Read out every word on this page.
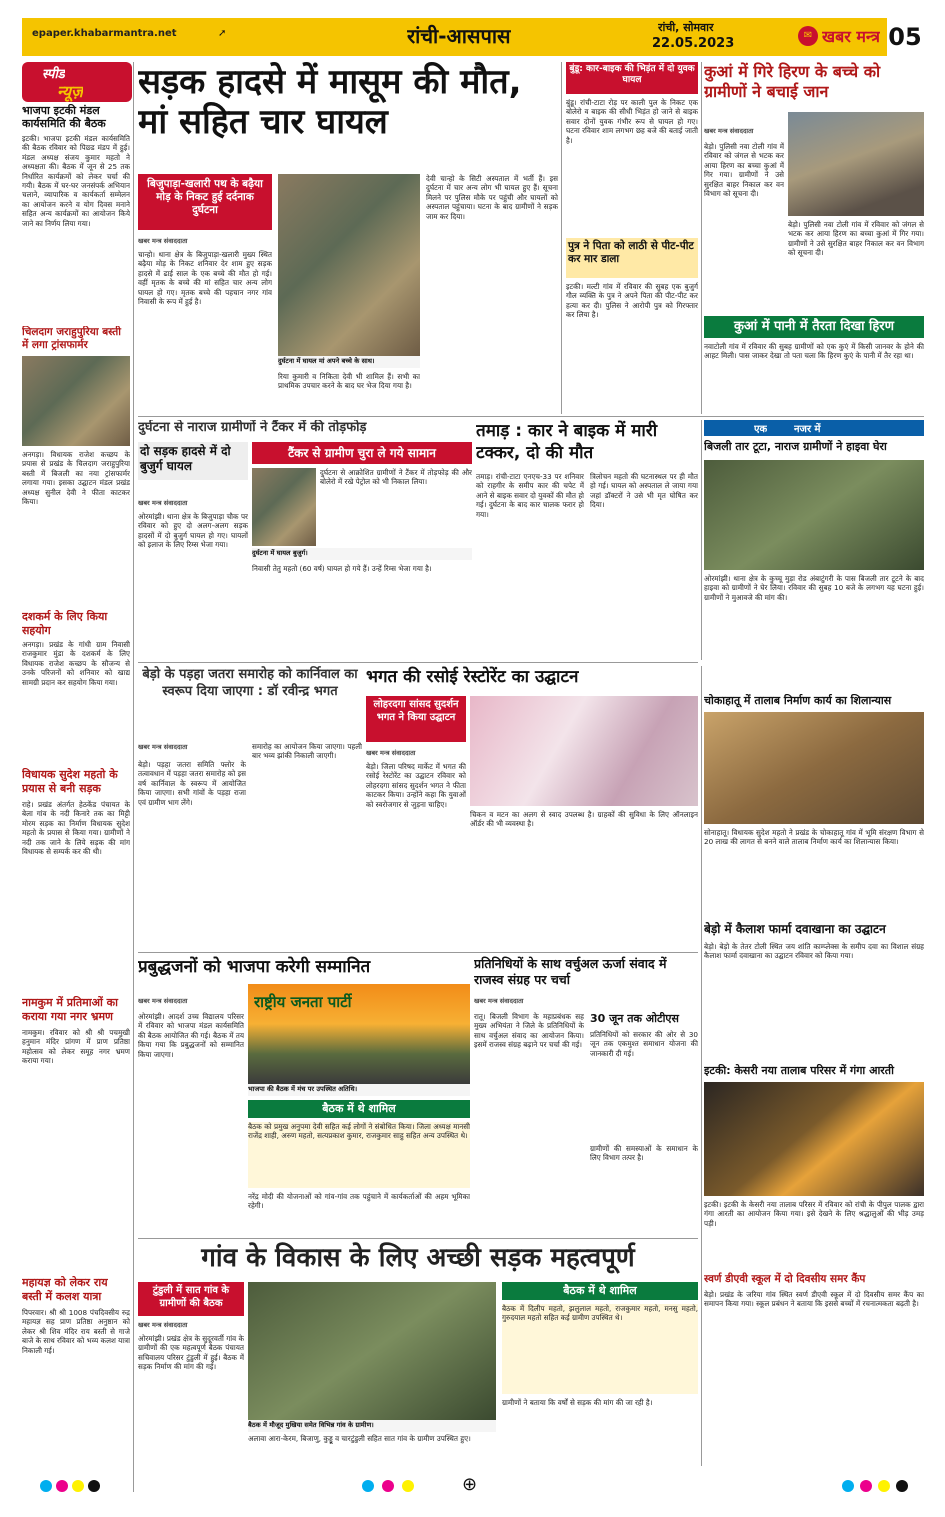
epaper.khabarmantra.net	➚	रांची-आसपास	रांची, सोमवार
22.05.2023
✉ खबर मन्त्र 05
स्पीड
न्यूज़
भाजपा इटकी मंडल कार्यसमिति की बैठक
इटकी। भाजपा इटकी मंडल कार्यसमिति की बैठक रविवार को पिछ्ड मंडप में हुई। मंडल अध्यक्ष संजय कुमार महतो ने अध्यक्षता की। बैठक में जून से 25 तक निर्धारित कार्यक्रमों को लेकर चर्चा की गयी। बैठक में घर-घर जनसंपर्क अभियान चलाने, व्यापारिक व कार्यकर्ता सम्मेलन का आयोजन करने व योग दिवस मनाने सहित अन्य कार्यक्रमों का आयोजन किये जाने का निर्णय लिया गया।
चिलदाग जराहुपुरिया बस्ती में लगा ट्रांसफार्मर
अनगड़ा। विधायक राजेश कच्छप के प्रयास से प्रखंड के चिलदाग जराहुपुरिया बस्ती में बिजली का नया ट्रांसफार्मर लगाया गया। इसका उद्घाटन मंडल प्रखंड अध्यक्ष सुनील देवी ने फीता काटकर किया।
दशकर्म के लिए किया सहयोग
अनगड़ा। प्रखंड के गांधी ग्राम निवासी राजकुमार मुंडा के दशकर्म के लिए विधायक राजेश कच्छप के सौजन्य से उनके परिजनों को शनिवार को खाद्य सामग्री प्रदान कर सहयोग किया गया।
विधायक सुदेश महतो के प्रयास से बनी सड़क
राहे। प्रखंड अंतर्गत हेठकेंड पंचायत के बेला गांव के नदी किनारे तक का मिट्टी मोरम सड़क का निर्माण विधायक सुदेश महतो के प्रयास से किया गया। ग्रामीणों ने नदी तक जाने के लिये सड़क की मांग विधायक से सम्पर्क कर की थी।
नामकुम में प्रतिमाओं का कराया गया नगर भ्रमण
नामकुम। रविवार को श्री श्री पचमुखी हनुमान मंदिर प्रांगण में प्राण प्रतिष्ठा महोत्सव को लेकर समूह नगर भ्रमण कराया गया।
महायज्ञ को लेकर राय बस्ती में कलश यात्रा
पिपरवार। श्री श्री 1008 पंचदिवसीय रुद्र महायज्ञ सह प्राण प्रतिष्ठा अनुष्ठान को लेकर श्री शिव मंदिर राय बस्ती से गाजे बाजे के साथ रविवार को भव्य कलश यात्रा निकाली गई।
सड़क हादसे में मासूम की मौत, मां सहित चार घायल
बिजुपाड़ा-खलारी पथ के बढ़ैया मोड़ के निकट हुई दर्दनाक दुर्घटना
खबर मन्त्र संवाददाता
चान्हो। थाना क्षेत्र के बिजुपाड़ा-खलारी मुख्य स्थित बढ़ैया मोड़ के निकट शनिवार देर शाम हुए सड़क हादसे में ढाई साल के एक बच्चे की मौत हो गई। वहीं मृतक के बच्चे की मां सहित चार अन्य लोग घायल हो गए। मृतक बच्चे की पहचान नगर गांव निवासी के रूप में हुई है।
दुर्घटना में घायल मां अपने बच्चे के साथ।
रिया कुमारी व निकिता देवी भी शामिल हैं। सभी का प्राथमिक उपचार करने के बाद घर भेज दिया गया है।
देवी चान्हो के सिटी अस्पताल में भर्ती हैं। इस दुर्घटना में चार अन्य लोग भी घायल हुए हैं। सूचना मिलने पर पुलिस मौके पर पहुंची और घायलों को अस्पताल पहुंचाया। घटना के बाद ग्रामीणों ने सड़क जाम कर दिया।
बुंडू: कार-बाइक की भिड़ंत में दो युवक घायल
बुंडू। रांची-टाटा रोड़ पर काली पुल के निकट एक बोलेरो व बाइक की सीधी भिड़ंत हो जाने से बाइक सवार दोनों युवक गंभीर रूप से घायल हो गए। घटना रविवार शाम लगभग छह बजे की बताई जाती है।
पुत्र ने पिता को लाठी से पीट-पीट कर मार डाला
इटकी। मल्टी गांव में रविवार की सुबह एक बुजुर्ग गौल व्यक्ति के पुत्र ने अपने पिता की पीट-पीट कर हत्या कर दी। पुलिस ने आरोपी पुत्र को गिरफ्तार कर लिया है।
कुआं में गिरे हिरण के बच्चे को ग्रामीणों ने बचाई जान
खबर मन्त्र संवाददाता
बेड़ो। पुलिसी नवा टोली गांव में रविवार को जंगल से भटक कर आया हिरण का बच्चा कुआं में गिर गया। ग्रामीणों ने उसे सुरक्षित बाहर निकाल कर वन विभाग को सूचना दी।
बेड़ो। पुलिसी नवा टोली गांव में रविवार को जंगल से भटक कर आया हिरण का बच्चा कुआं में गिर गया। ग्रामीणों ने उसे सुरक्षित बाहर निकाल कर वन विभाग को सूचना दी।
कुआं में पानी में तैरता दिखा हिरण
नवाटोली गांव में रविवार की सुबह ग्रामीणों को एक कुएं में किसी जानवर के होने की आहट मिली। पास जाकर देखा तो पता चला कि हिरण कुएं के पानी में तैर रहा था।
दुर्घटना से नाराज ग्रामीणों ने टैंकर में की तोड़फोड़
दो सड़क हादसे में दो बुजुर्ग घायल
टैंकर से ग्रामीण चुरा ले गये सामान
दुर्घटना से आक्रोशित ग्रामीणों ने टैंकर में तोड़फोड़ की और बोलेरो में रखे पेट्रोल को भी निकाल लिया।
खबर मन्त्र संवाददाता
ओरमांझी। थाना क्षेत्र के बिजुपाड़ा चौक पर रविवार को हुए दो अलग-अलग सड़क हादसों में दो बुजुर्ग घायल हो गए। घायलों को इलाज के लिए रिम्स भेजा गया।
दुर्घटना में घायल बुजुर्ग।
निवासी तेतु महतो (60 वर्ष) घायल हो गये हैं। उन्हें रिम्स भेजा गया है।
तमाड़ : कार ने बाइक में मारी टक्कर, दो की मौत
तमाड़। रांची-टाटा एनएच-33 पर शनिवार को राहगीर के समीप कार की चपेट में आने से बाइक सवार दो युवकों की मौत हो गई। दुर्घटना के बाद कार चालक फरार हो गया।
त्रिलोचन महतो की घटनास्थल पर ही मौत हो गई। घायल को अस्पताल ले जाया गया जहां डॉक्टरों ने उसे भी मृत घोषित कर दिया।
एक	नजर में
बिजली तार टूटा, नाराज ग्रामीणों ने हाइवा घेरा
ओरमांझी। थाना क्षेत्र के कुच्चू मुड़ा रोड अंबाटुंगरी के पास बिजली तार टूटने के बाद हाइवा को ग्रामीणों ने घेर लिया। रविवार की सुबह 10 बजे के लगभग यह घटना हुई। ग्रामीणों ने मुआवजे की मांग की।
बेड़ो के पड़हा जतरा समारोह को कार्निवाल का स्वरूप दिया जाएगा : डॉ रवीन्द्र भगत
खबर मन्त्र संवाददाता
बेड़ो। पड़हा जतरा समिति फ्लोर के तत्वावधान में पड़हा जतरा समारोह को इस वर्ष कार्निवाल के स्वरूप में आयोजित किया जाएगा। सभी गांवों के पड़हा राजा एवं ग्रामीण भाग लेंगे।
समारोह का आयोजन किया जाएगा। पहली बार भव्य झांकी निकाली जाएगी।
भगत की रसोई रेस्टोरेंट का उद्घाटन
लोहरदगा सांसद सुदर्शन भगत ने किया उद्घाटन
खबर मन्त्र संवाददाता
बेड़ो। जिला परिषद मार्केट में भगत की रसोई रेस्टोरेंट का उद्घाटन रविवार को लोहरदगा सांसद सुदर्शन भगत ने फीता काटकर किया। उन्होंने कहा कि युवाओं को स्वरोजगार से जुड़ना चाहिए।
चिकन व मटन का अलग से स्वाद उपलब्ध है। ग्राहकों की सुविधा के लिए ऑनलाइन ऑर्डर की भी व्यवस्था है।
चोकाहातू में तालाब निर्माण कार्य का शिलान्यास
सोनाहातू। विधायक सुदेश महतो ने प्रखंड के चोकाहातू गांव में भूमि संरक्षण विभाग से 20 लाख की लागत से बनने वाले तालाब निर्माण कार्य का शिलान्यास किया।
बेड़ो में कैलाश फार्मा दवाखाना का उद्घाटन
बेड़ो। बेड़ो के तेतर टोली स्थित जय शांति काम्प्लेक्स के समीप दवा का विशाल संग्रह कैलाश फार्मा दवाखाना का उद्घाटन रविवार को किया गया।
इटकी: केसरी नया तालाब परिसर में गंगा आरती
इटकी। इटकी के केसरी नया तालाब परिसर में रविवार को रांची के पीपुल पालक द्वारा गंगा आरती का आयोजन किया गया। इसे देखने के लिए श्रद्धालुओं की भीड़ उमड़ पड़ी।
स्वर्ण डीएवी स्कूल में दो दिवसीय समर कैंप
बेड़ो। प्रखंड के जरिया गांव स्थित स्वर्ण डीएवी स्कूल में दो दिवसीय समर कैंप का समापन किया गया। स्कूल प्रबंधन ने बताया कि इससे बच्चों में रचनात्मकता बढ़ती है।
प्रबुद्धजनों को भाजपा करेगी सम्मानित
खबर मन्त्र संवाददाता
ओरमांझी। आदर्श उच्च विद्यालय परिसर में रविवार को भाजपा मंडल कार्यसमिति की बैठक आयोजित की गई। बैठक में तय किया गया कि प्रबुद्धजनों को सम्मानित किया जाएगा।
राष्ट्रीय जनता पार्टी
भाजपा की बैठक में मंच पर उपस्थित अतिथि।
बैठक में थे शामिल
बैठक को प्रमुख अनुपमा देवी सहित कई लोगों ने संबोधित किया। जिला अध्यक्ष मानसी राजेंद्र शाही, अरुण महतो, सत्यप्रकाश कुमार, राजकुमार साहु सहित अन्य उपस्थित थे।
नरेंद्र मोदी की योजनाओं को गांव-गांव तक पहुंचाने में कार्यकर्ताओं की अहम भूमिका रहेगी।
प्रतिनिधियों के साथ वर्चुअल ऊर्जा संवाद में राजस्व संग्रह पर चर्चा
खबर मन्त्र संवाददाता
रातू। बिजली विभाग के महाप्रबंधक सह मुख्य अभियंता ने जिले के प्रतिनिधियों के साथ वर्चुअल संवाद का आयोजन किया। इसमें राजस्व संग्रह बढ़ाने पर चर्चा की गई।
30 जून तक ओटीएस
प्रतिनिधियों को सरकार की ओर से 30 जून तक एकमुश्त समाधान योजना की जानकारी दी गई।
ग्रामीणों की समस्याओं के समाधान के लिए विभाग तत्पर है।
गांव के विकास के लिए अच्छी सड़क महत्वपूर्ण
टुंडुली में सात गांव के ग्रामीणों की बैठक
खबर मन्त्र संवाददाता
ओरमांझी। प्रखंड क्षेत्र के सुदूरवर्ती गांव के ग्रामीणों की एक महत्वपूर्ण बैठक पंचायत सचिवालय परिसर टुंडुली में हुई। बैठक में सड़क निर्माण की मांग की गई।
बैठक में मौजूद मुखिया समेत विभिन्न गांव के ग्रामीण।
अलावा आरा-केरम, बिजाणु, कुड्डू व चारटुंडुली सहित सात गांव के ग्रामीण उपस्थित हुए।
बैठक में थे शामिल
बैठक में दिलीप महतो, झलुलाल महतो, राजकुमार महतो, मनसु महतो, गुरुदयाल महतो सहित कई ग्रामीण उपस्थित थे।
ग्रामीणों ने बताया कि वर्षों से सड़क की मांग की जा रही है।
⊕
